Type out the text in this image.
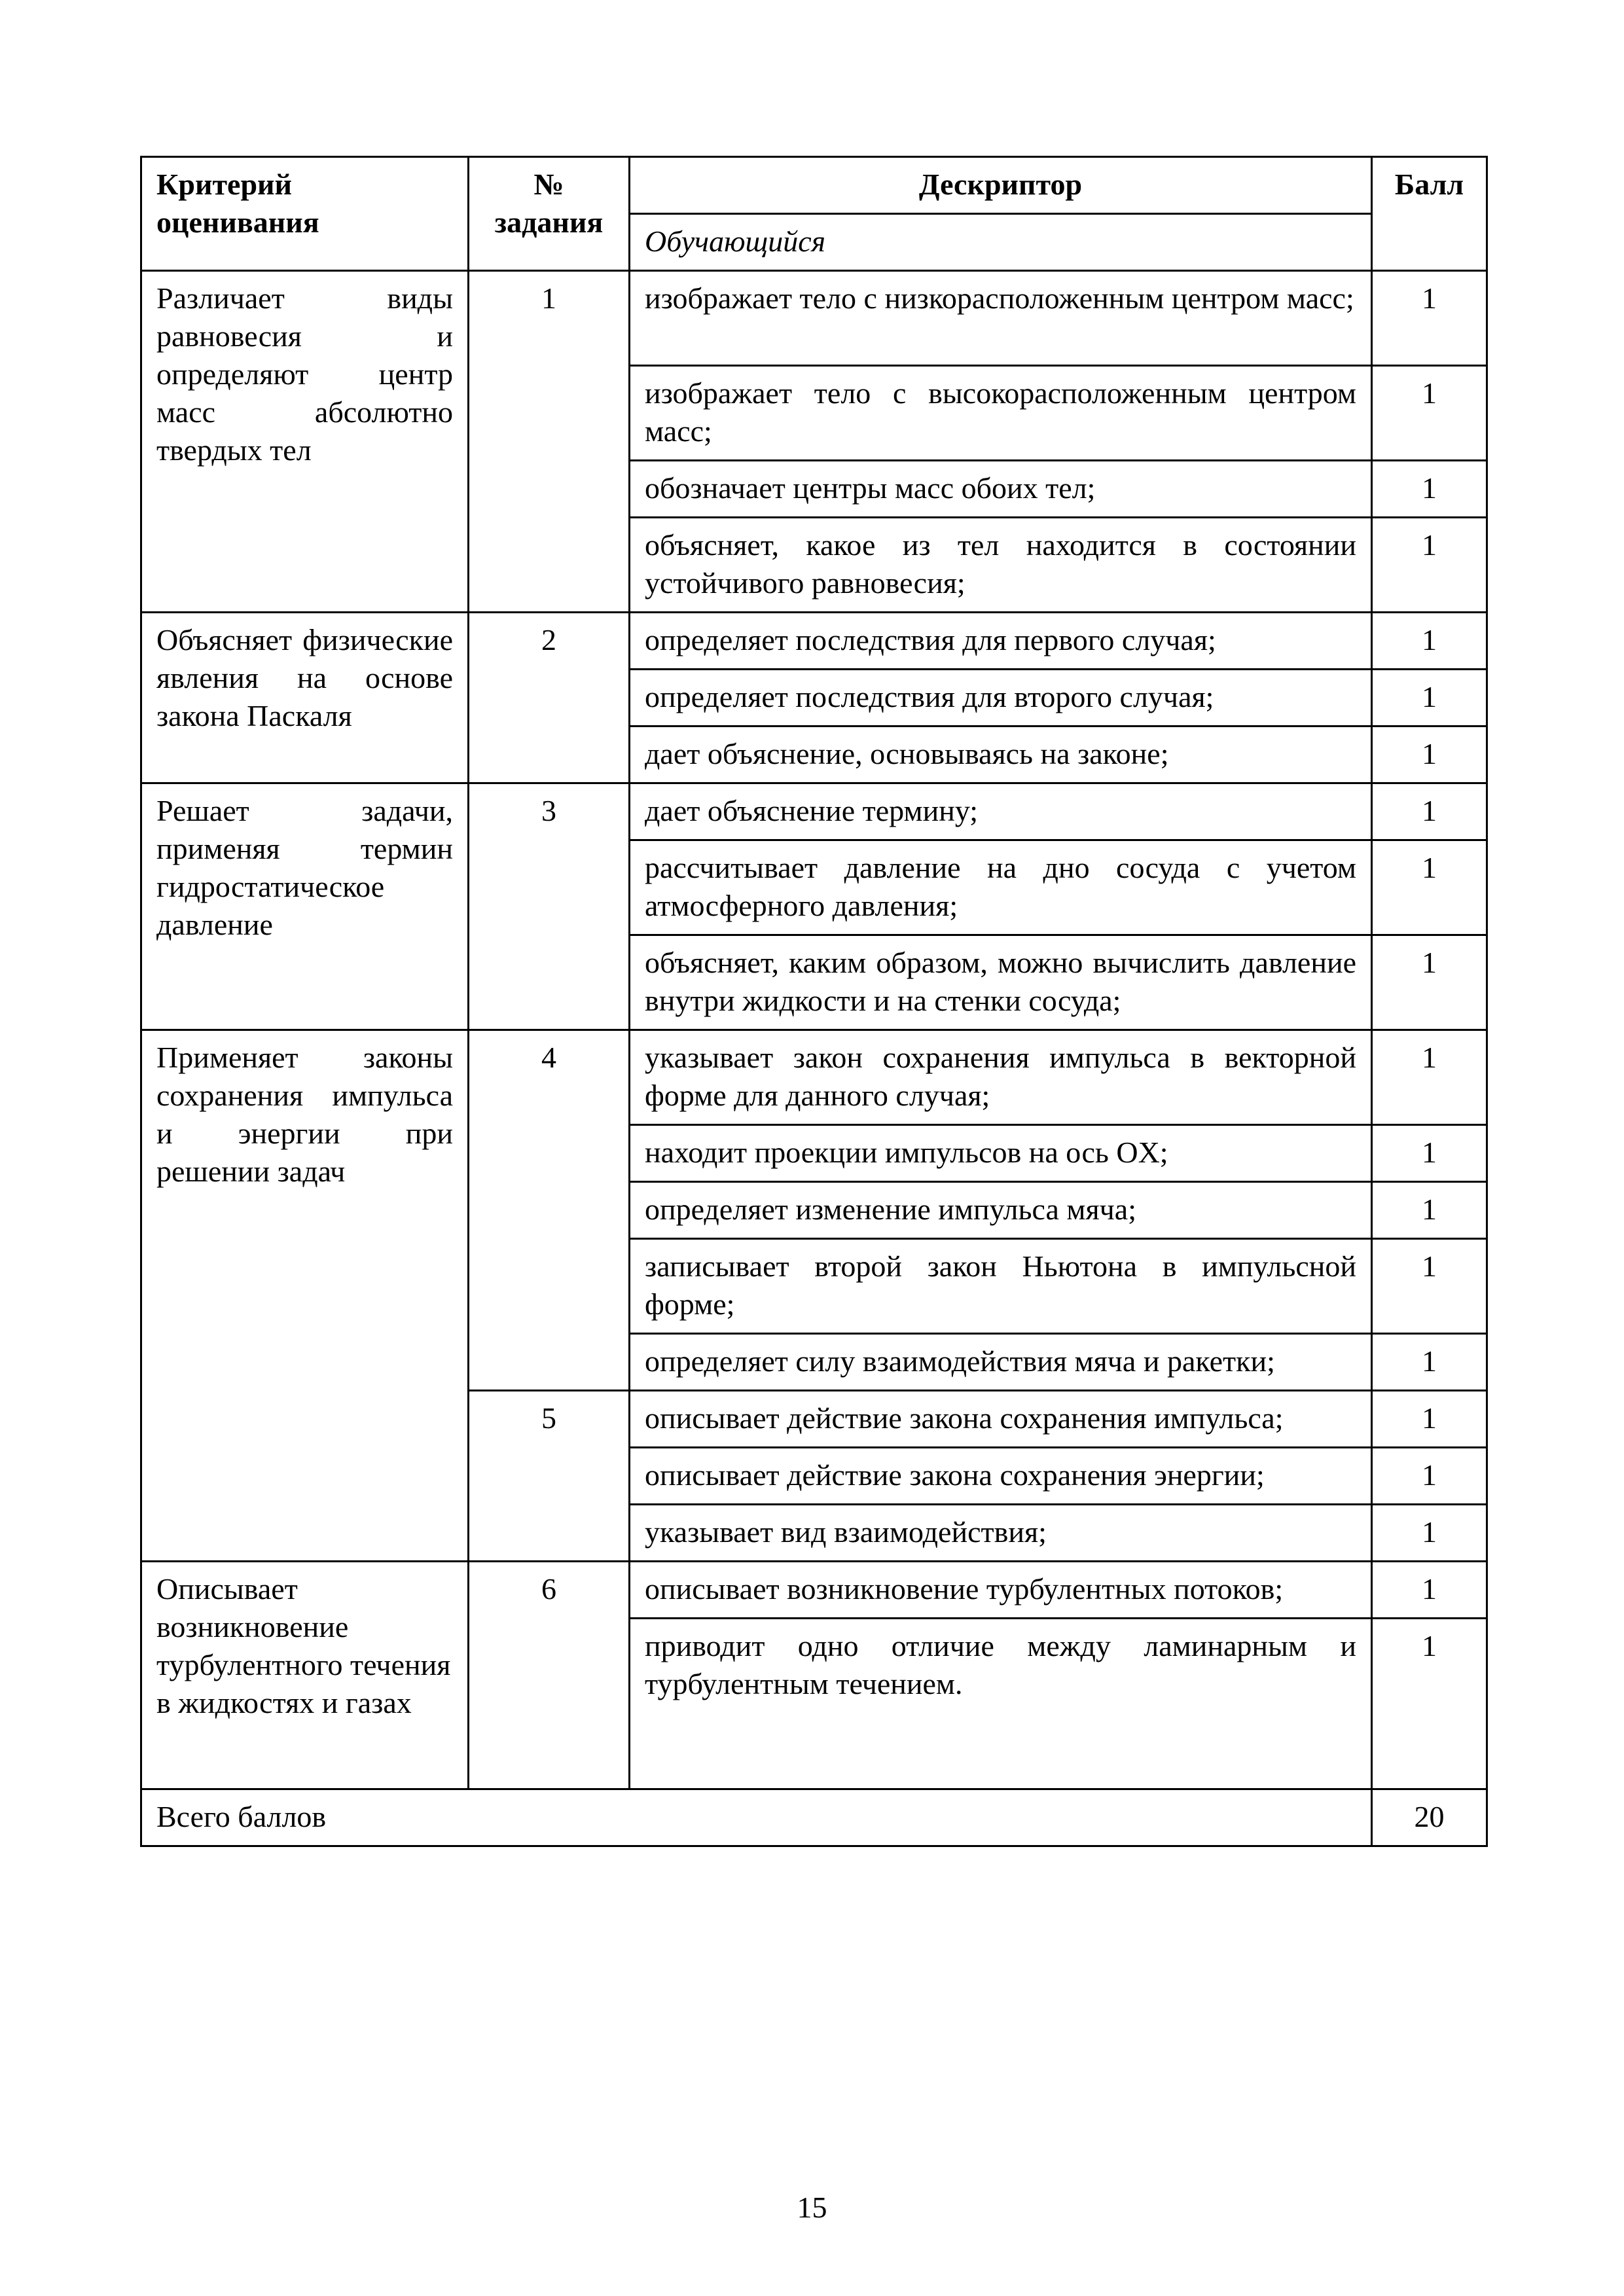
Критерий оценивания	№ задания	Дескриптор	Балл
		Обучающийся	
Различает виды равновесия и определяют центр масс абсолютно твердых тел	1	изображает тело с низкорасположенным центром масс;	1
		изображает тело с высокорасположенным центром масс;	1
		обозначает центры масс обоих тел;	1
		объясняет, какое из тел находится в состоянии устойчивого равновесия;	1
Объясняет физические явления на основе закона Паскаля	2	определяет последствия для первого случая;	1
		определяет последствия для второго случая;	1
		дает объяснение, основываясь на законе;	1
Решает задачи, применяя термин гидростатическое давление	3	дает объяснение термину;	1
		рассчитывает давление на дно сосуда с учетом атмосферного давления;	1
		объясняет, каким образом, можно вычислить давление внутри жидкости и на стенки сосуда;	1
Применяет законы сохранения импульса и энергии при решении задач	4	указывает закон сохранения импульса в векторной форме для данного случая;	1
		находит проекции импульсов на ось OX;	1
		определяет изменение импульса мяча;	1
		записывает второй закон Ньютона в импульсной форме;	1
		определяет силу взаимодействия мяча и ракетки;	1
	5	описывает действие закона сохранения импульса;	1
		описывает действие закона сохранения энергии;	1
		указывает вид взаимодействия;	1
Описывает возникновение турбулентного течения в жидкостях и газах	6	описывает возникновение турбулентных потоков;	1
		приводит одно отличие между ламинарным и турбулентным течением.	1
Всего баллов			20
15
